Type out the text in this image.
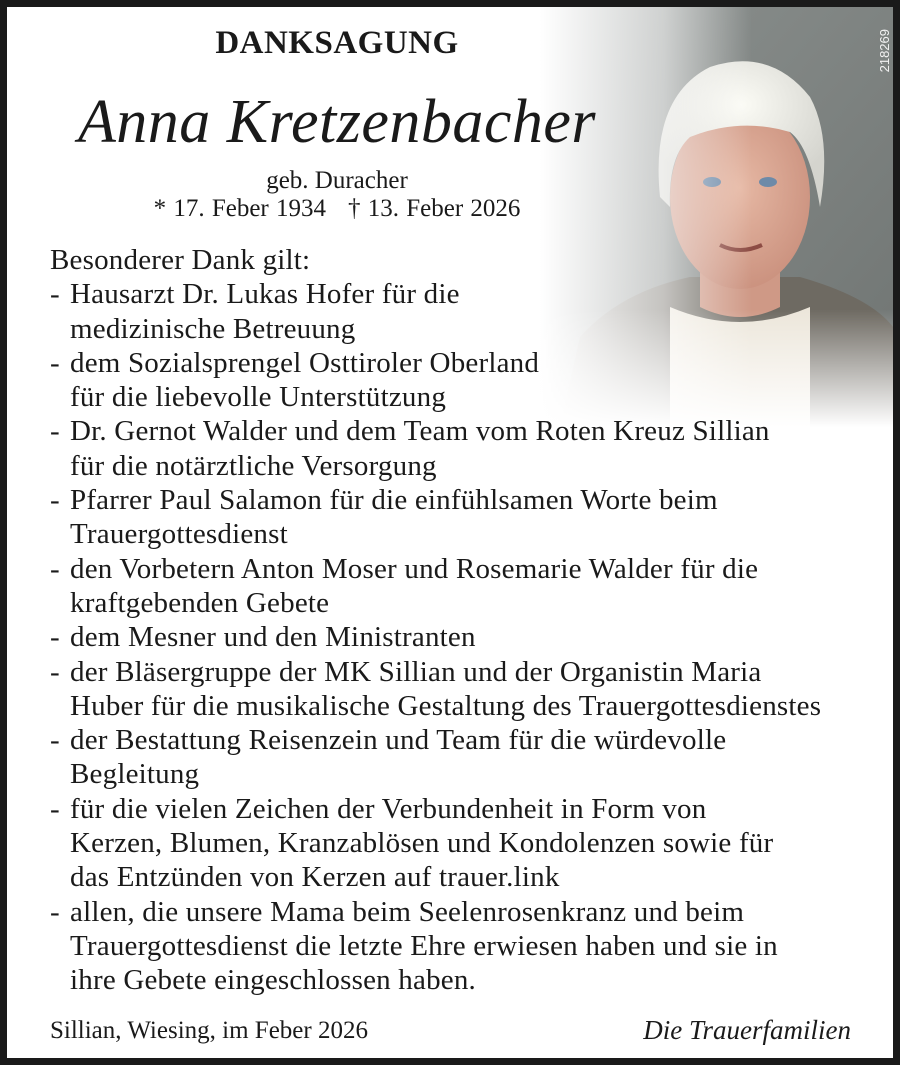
218269
DANKSAGUNG
Anna Kretzenbacher
geb. Duracher
* 17. Feber 1934 † 13. Feber 2026
Besonderer Dank gilt:
- Hausarzt Dr. Lukas Hofer für die
medizinische Betreuung
- dem Sozialsprengel Osttiroler Oberland
für die liebevolle Unterstützung
- Dr. Gernot Walder und dem Team vom Roten Kreuz Sillian
für die notärztliche Versorgung
- Pfarrer Paul Salamon für die einfühlsamen Worte beim
Trauergottesdienst
- den Vorbetern Anton Moser und Rosemarie Walder für die
kraftgebenden Gebete
- dem Mesner und den Ministranten
- der Bläsergruppe der MK Sillian und der Organistin Maria
Huber für die musikalische Gestaltung des Trauergottesdienstes
- der Bestattung Reisenzein und Team für die würdevolle
Begleitung
- für die vielen Zeichen der Verbundenheit in Form von
Kerzen, Blumen, Kranzablösen und Kondolenzen sowie für
das Entzünden von Kerzen auf trauer.link
- allen, die unsere Mama beim Seelenrosenkranz und beim
Trauergottesdienst die letzte Ehre erwiesen haben und sie in
ihre Gebete eingeschlossen haben.
Sillian, Wiesing, im Feber 2026	Die Trauerfamilien
